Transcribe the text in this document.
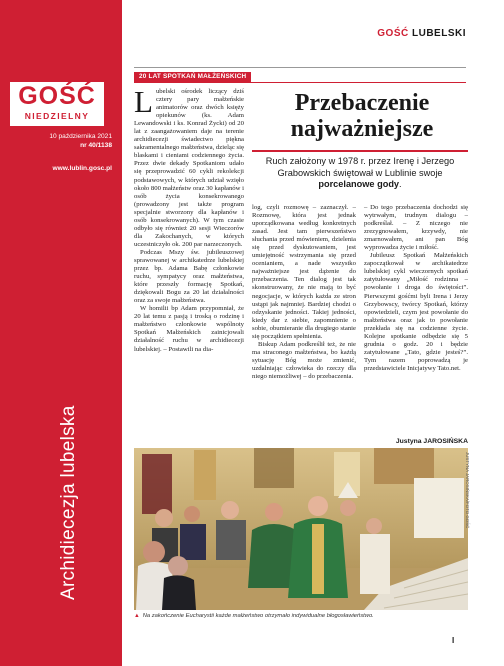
GOŚĆ
NIEDZIELNY
10 października 2021
nr 40/1138
www.lublin.gosc.pl
Archidiecezja lubelska
GOŚĆ LUBELSKI
20 LAT SPOTKAŃ MAŁŻEŃSKICH

Lubelski ośrodek liczący dziś cztery pary małżeńskie animatorów oraz dwóch księży opiekunów (ks. Adam Lewandowski i ks. Konrad Życki) od 20 lat z zaangażowaniem daje na terenie archidiecezji świadectwo piękna sakramentalnego małżeństwa, dzieląc się blaskami i cieniami codziennego życia. Przez dwie dekady Spotkaniom udało się przeprowadzić 60 cykli rekolekcji podstawowych, w których udział wzięło około 800 małżeństw oraz 30 kapłanów i osób życia konsekrowanego (prowadzony jest także program specjalnie stworzony dla kapłanów i osób konsekrowanych). W tym czasie odbyło się również 20 sesji Wieczorów dla Zakochanych, w których uczestniczyło ok. 200 par narzeczonych.

Podczas Mszy św. jubileuszowej sprawowanej w archikatedrze lubelskiej przez bp. Adama Babę członkowie ruchu, sympatycy oraz małżeństwa, które przeszły formację Spotkań, dziękowali Bogu za 20 lat działalności oraz za swoje małżeństwa.

W homilii bp Adam przypomniał, że 20 lat temu z pasją i troską o rodzinę i małżeństwo członkowie wspólnoty Spotkań Małżeńskich zainicjowali działalność ruchu w archidiecezji lubelskiej. – Postawili na dia-

Przebaczenie najważniejsze
Ruch założony w 1978 r. przez Irenę i Jerzego Grabowskich świętował w Lublinie swoje porcelanowe gody.

log, czyli rozmowę – zaznaczył. – Rozmowę, która jest jednak uporządkowana według konkretnych zasad. Jest tam pierwszeństwo słuchania przed mówieniem, dzielenia się przed dyskutowaniem, jest umiejętność wstrzymania się przed ocenianiem, a nade wszystko najważniejsze jest dążenie do przebaczenia. Ten dialog jest tak skonstruowany, że nie mają to być negocjacje, w których każda ze stron ustąpi jak najmniej. Bardziej chodzi o odzyskanie jedności. Takiej jedności, kiedy dar z siebie, zapomnienie o sobie, obumieranie dla drugiego stanie się początkiem spełnienia.

Biskup Adam podkreślił też, że nie ma straconego małżeństwa, bo każdą sytuację Bóg może zmienić, uzdalniając człowieka do rzeczy dla niego niemożliwej – do przebaczenia.

– Do tego przebaczenia dochodzi się wytrwałym, trudnym dialogu – podkreślał. – Z niczego nie zrezygnowałem, krzywdy, nie zmarnowałem, ani pan Bóg wyprowadza życie i miłość.

Jubileusz Spotkań Małżeńskich zapoczątkował w archikatedrze lubelskiej cykl wieczornych spotkań zatytułowany „Miłość rodzinna – powołanie i droga do świętości”. Pierwszymi gośćmi byli Irena i Jerzy Grzybowscy, twórcy Spotkań, którzy opowiedzieli, czym jest powołanie do małżeństwa oraz jak to powołanie przekłada się na codzienne życie. Kolejne spotkanie odbędzie się 5 grudnia o godz. 20 i będzie zatytułowane „Tato, gdzie jesteś?”. Tym razem poprowadzą je przedstawiciele Inicjatywy Tato.net.

Justyna JAROSIŃSKA
JUSTYNA JAROSIŃSKA/FOTO GOŚĆ
▲ Na zakończenie Eucharystii każde małżeństwo otrzymało indywidualne błogosławieństwo.
I
